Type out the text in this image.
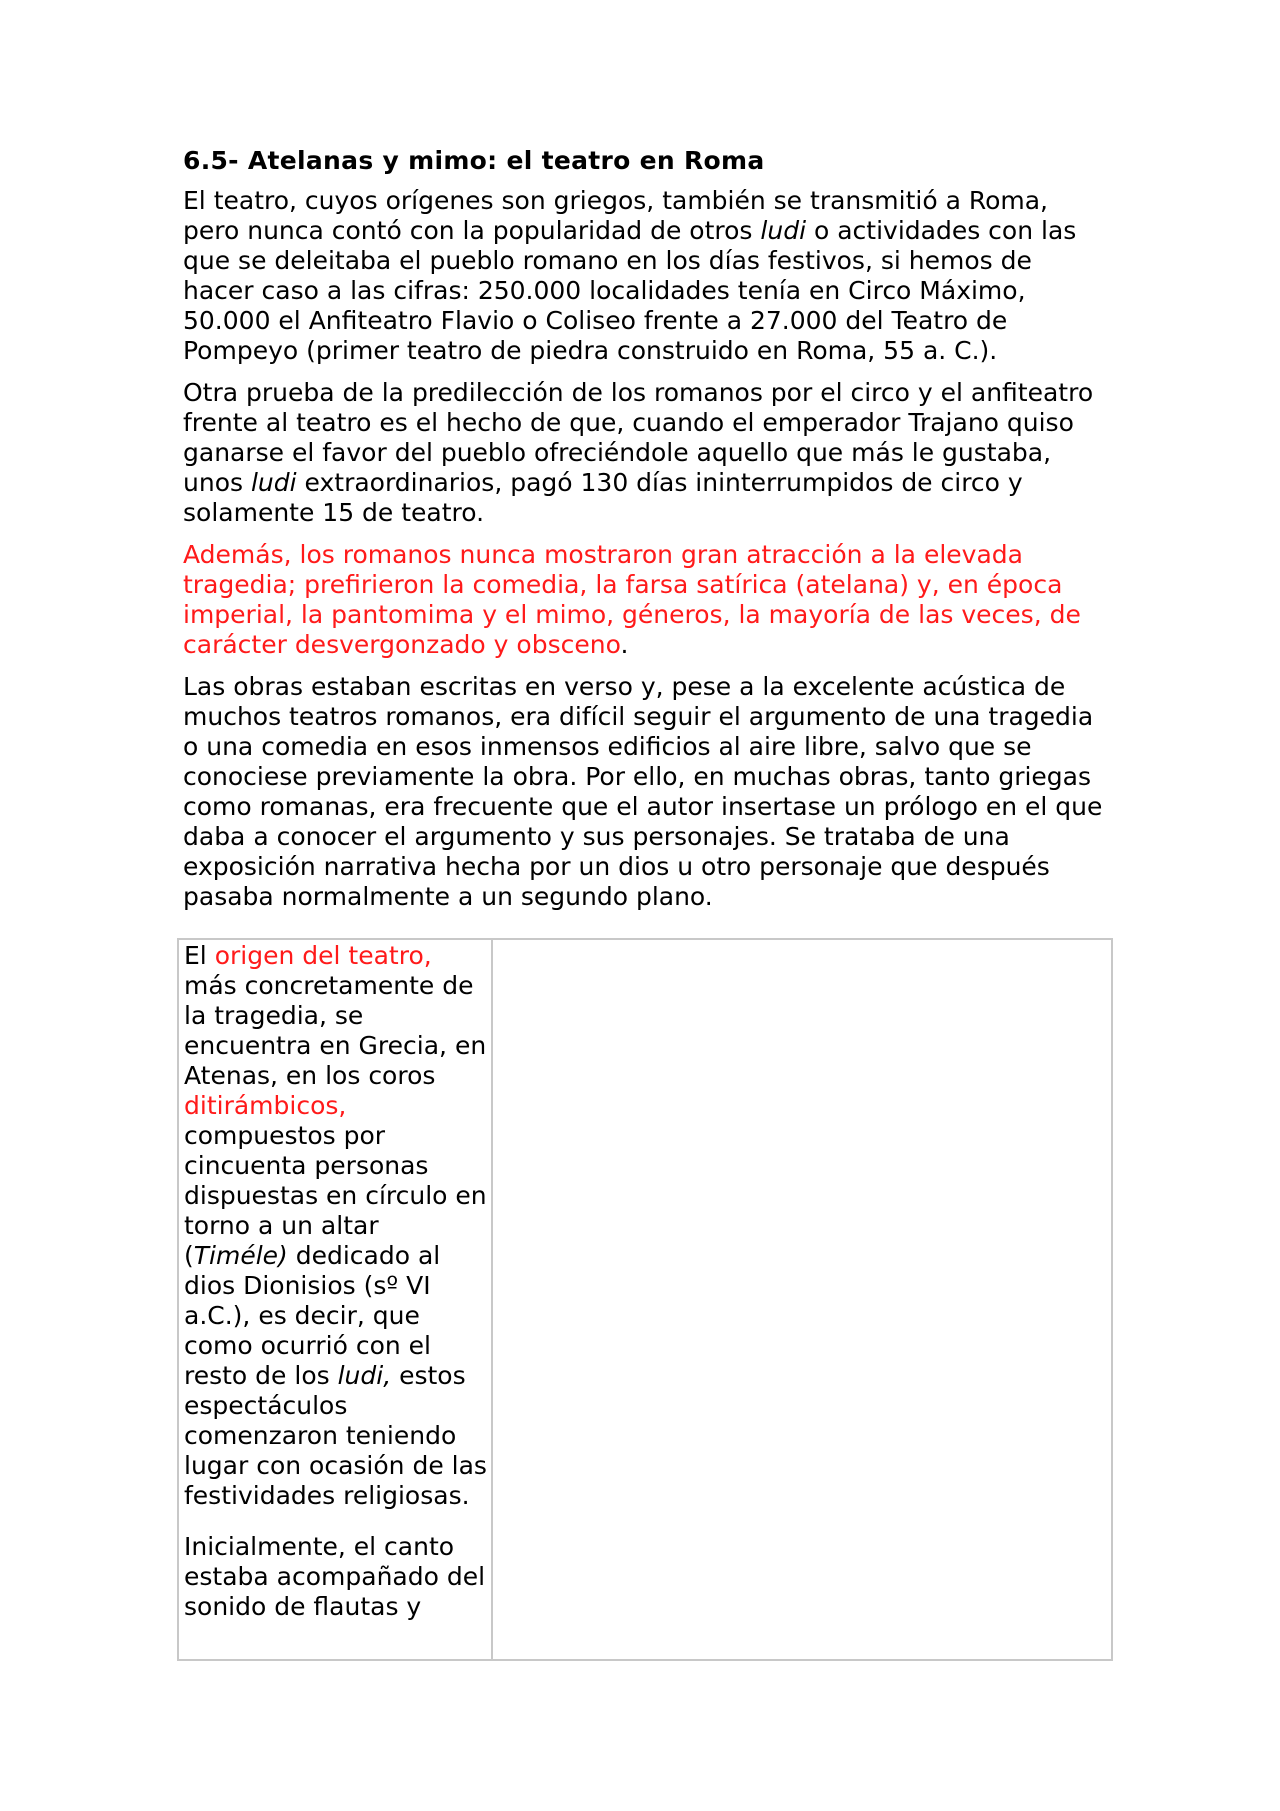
6.5- Atelanas y mimo: el teatro en Roma

El teatro, cuyos orígenes son griegos, también se transmitió a Roma, pero nunca contó con la popularidad de otros ludi o actividades con las que se deleitaba el pueblo romano en los días festivos, si hemos de hacer caso a las cifras: 250.000 localidades tenía en Circo Máximo, 50.000 el Anfiteatro Flavio o Coliseo frente a 27.000 del Teatro de Pompeyo (primer teatro de piedra construido en Roma, 55 a. C.).

Otra prueba de la predilección de los romanos por el circo y el anfiteatro frente al teatro es el hecho de que, cuando el emperador Trajano quiso ganarse el favor del pueblo ofreciéndole aquello que más le gustaba, unos ludi extraordinarios, pagó 130 días ininterrumpidos de circo y solamente 15 de teatro.

Además, los romanos nunca mostraron gran atracción a la elevada tragedia; prefirieron la comedia, la farsa satírica (atelana) y, en época imperial, la pantomima y el mimo, géneros, la mayoría de las veces, de carácter desvergonzado y obsceno.

Las obras estaban escritas en verso y, pese a la excelente acústica de muchos teatros romanos, era difícil seguir el argumento de una tragedia o una comedia en esos inmensos edificios al aire libre, salvo que se conociese previamente la obra. Por ello, en muchas obras, tanto griegas como romanas, era frecuente que el autor insertase un prólogo en el que daba a conocer el argumento y sus personajes. Se trataba de una exposición narrativa hecha por un dios u otro personaje que después pasaba normalmente a un segundo plano.

El origen del teatro, más concretamente de la tragedia, se encuentra en Grecia, en Atenas, en los coros ditirámbicos, compuestos por cincuenta personas dispuestas en círculo en torno a un altar (Timéle) dedicado al dios Dionisios (sº VI a.C.), es decir, que como ocurrió con el resto de los ludi, estos espectáculos comenzaron teniendo lugar con ocasión de las festividades religiosas.

Inicialmente, el canto estaba acompañado del sonido de flautas y
